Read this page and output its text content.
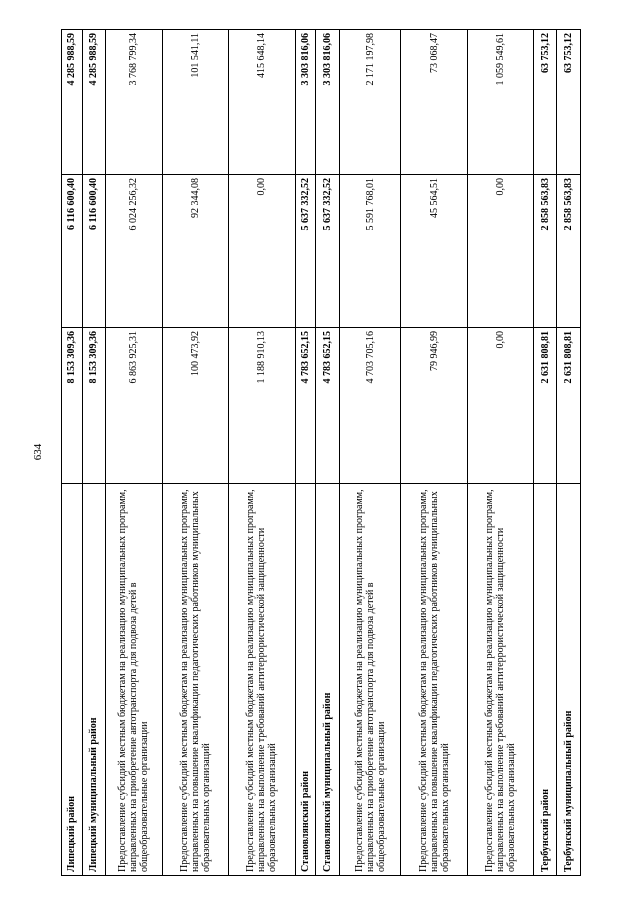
634
Липецкий район	8 153 309,36	6 116 600,40	4 285 988,59
Липецкий муниципальный район	8 153 309,36	6 116 600,40	4 285 988,59
Предоставление субсидий местным бюджетам на реализацию муниципальных программ, направленных на приобретение автотранспорта для подвоза детей в общеобразовательные организации	6 863 925,31	6 024 256,32	3 768 799,34
Предоставление субсидий местным бюджетам на реализацию муниципальных программ, направленных на повышение квалификации педагогических работников муниципальных образовательных организаций	100 473,92	92 344,08	101 541,11
Предоставление субсидий местным бюджетам на реализацию муниципальных программ, направленных на выполнение требований антитеррористической защищенности образовательных организаций	1 188 910,13	0,00	415 648,14
Становлянский район	4 783 652,15	5 637 332,52	3 303 816,06
Становлянский муниципальный район	4 783 652,15	5 637 332,52	3 303 816,06
Предоставление субсидий местным бюджетам на реализацию муниципальных программ, направленных на приобретение автотранспорта для подвоза детей в общеобразовательные организации	4 703 705,16	5 591 768,01	2 171 197,98
Предоставление субсидий местным бюджетам на реализацию муниципальных программ, направленных на повышение квалификации педагогических работников муниципальных образовательных организаций	79 946,99	45 564,51	73 068,47
Предоставление субсидий местным бюджетам на реализацию муниципальных программ, направленных на выполнение требований антитеррористической защищенности образовательных организаций	0,00	0,00	1 059 549,61
Тербунский район	2 631 808,81	2 858 563,83	63 753,12
Тербунский муниципальный район	2 631 808,81	2 858 563,83	63 753,12
